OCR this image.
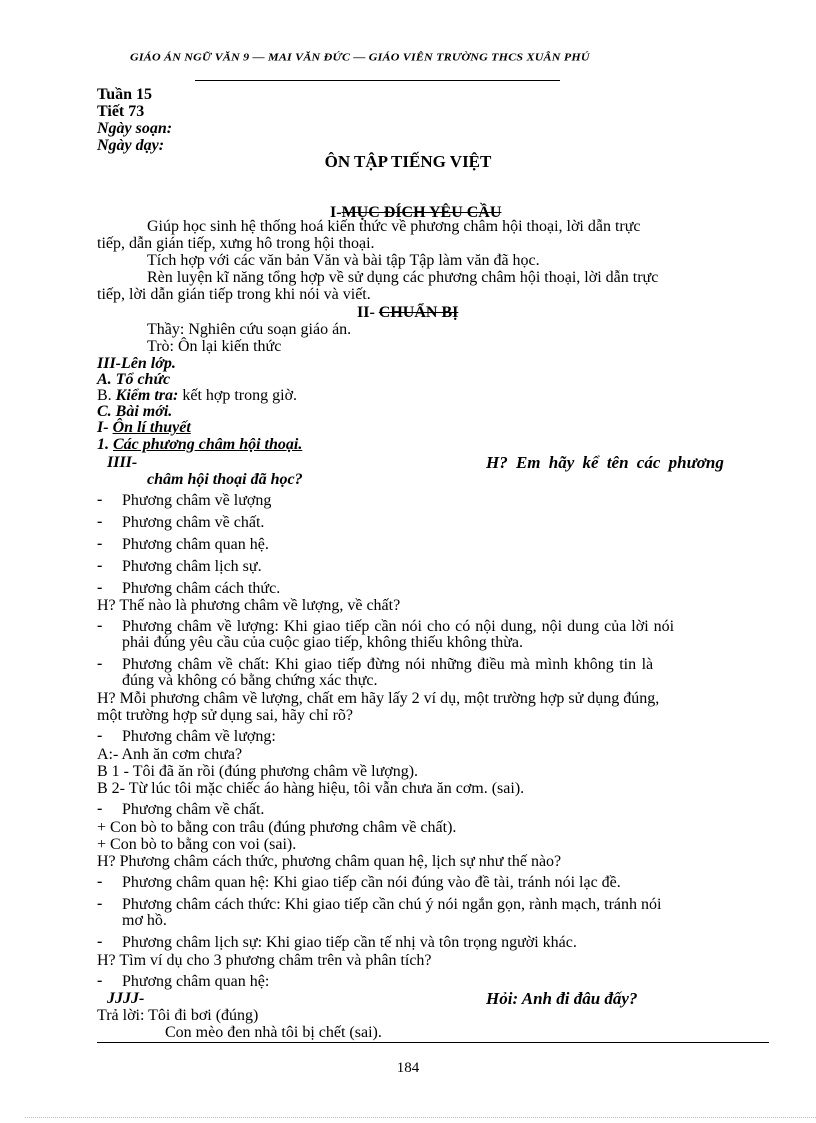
GIÁO ÁN NGỮ VĂN 9 — MAI VĂN ĐỨC — GIÁO VIÊN TRƯỜNG THCS XUÂN PHÚ
Tuần 15
Tiết 73
Ngày soạn:
Ngày dạy:
ÔN TẬP TIẾNG VIỆT
I-MỤC ĐÍCH YÊU CẦU
Giúp học sinh hệ thống hoá kiến thức về phương châm hội thoại, lời dẫn trực
tiếp, dẫn gián tiếp, xưng hô trong hội thoại.
Tích hợp với các văn bản Văn và bài tập Tập làm văn đã học.
Rèn luyện kĩ năng tổng hợp về sử dụng các phương châm hội thoại, lời dẫn trực
tiếp, lời dẫn gián tiếp trong khi nói và viết.
II- CHUẨN BỊ
Thầy: Nghiên cứu soạn giáo án.
Trò: Ôn lại kiến thức
III-Lên lớp.
A. Tổ chức
B. Kiểm tra: kết hợp trong giờ.
C. Bài mới.
I- Ôn lí thuyết
1. Các phương châm hội thoại.
IIII-	H? Em hãy kể tên các phương
châm hội thoại đã học?
- Phương châm về lượng
- Phương châm về chất.
- Phương châm quan hệ.
- Phương châm lịch sự.
- Phương châm cách thức.
H? Thế nào là phương châm về lượng, về chất?
- Phương châm về lượng: Khi giao tiếp cần nói cho có nội dung, nội dung của lời nói
phải đúng yêu cầu của cuộc giao tiếp, không thiếu không thừa.
- Phương châm về chất: Khi giao tiếp đừng nói những điều mà mình không tin là
đúng và không có bằng chứng xác thực.
H? Mỗi phương châm về lượng, chất em hãy lấy 2 ví dụ, một trường hợp sử dụng đúng,
một trường hợp sử dụng sai, hãy chỉ rõ?
- Phương châm về lượng:
A:- Anh ăn cơm chưa?
B 1 - Tôi đã ăn rồi (đúng phương châm về lượng).
B 2- Từ lúc tôi mặc chiếc áo hàng hiệu, tôi vẫn chưa ăn cơm. (sai).
- Phương châm về chất.
+ Con bò to bằng con trâu (đúng phương châm về chất).
+ Con bò to bằng con voi (sai).
H? Phương châm cách thức, phương châm quan hệ, lịch sự như thế nào?
- Phương châm quan hệ: Khi giao tiếp cần nói đúng vào đề tài, tránh nói lạc đề.
- Phương châm cách thức: Khi giao tiếp cần chú ý nói ngắn gọn, rành mạch, tránh nói
mơ hồ.
- Phương châm lịch sự: Khi giao tiếp cần tế nhị và tôn trọng người khác.
H? Tìm ví dụ cho 3 phương châm trên và phân tích?
- Phương châm quan hệ:
JJJJ-	Hỏi: Anh đi đâu đấy?
Trả lời: Tôi đi bơi (đúng)
Con mèo đen nhà tôi bị chết (sai).
184
